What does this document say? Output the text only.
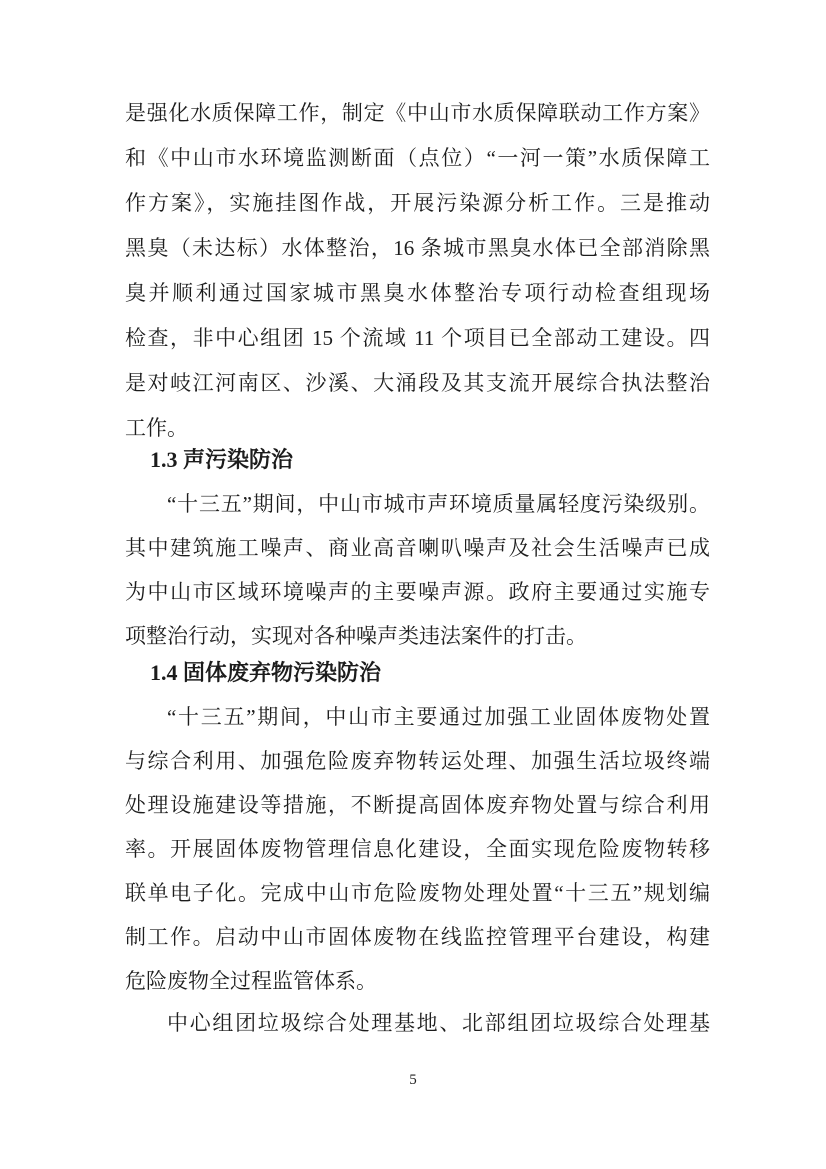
是强化水质保障工作，制定《中山市水质保障联动工作方案》
和《中山市水环境监测断面（点位）“一河一策”水质保障工
作方案》，实施挂图作战，开展污染源分析工作。三是推动
黑臭（未达标）水体整治，16 条城市黑臭水体已全部消除黑
臭并顺利通过国家城市黑臭水体整治专项行动检查组现场
检查，非中心组团 15 个流域 11 个项目已全部动工建设。四
是对岐江河南区、沙溪、大涌段及其支流开展综合执法整治
工作。
1.3 声污染防治
“十三五”期间，中山市城市声环境质量属轻度污染级别。
其中建筑施工噪声、商业高音喇叭噪声及社会生活噪声已成
为中山市区域环境噪声的主要噪声源。政府主要通过实施专
项整治行动，实现对各种噪声类违法案件的打击。
1.4 固体废弃物污染防治
“十三五”期间，中山市主要通过加强工业固体废物处置
与综合利用、加强危险废弃物转运处理、加强生活垃圾终端
处理设施建设等措施，不断提高固体废弃物处置与综合利用
率。开展固体废物管理信息化建设，全面实现危险废物转移
联单电子化。完成中山市危险废物处理处置“十三五”规划编
制工作。启动中山市固体废物在线监控管理平台建设，构建
危险废物全过程监管体系。
中心组团垃圾综合处理基地、北部组团垃圾综合处理基
5
